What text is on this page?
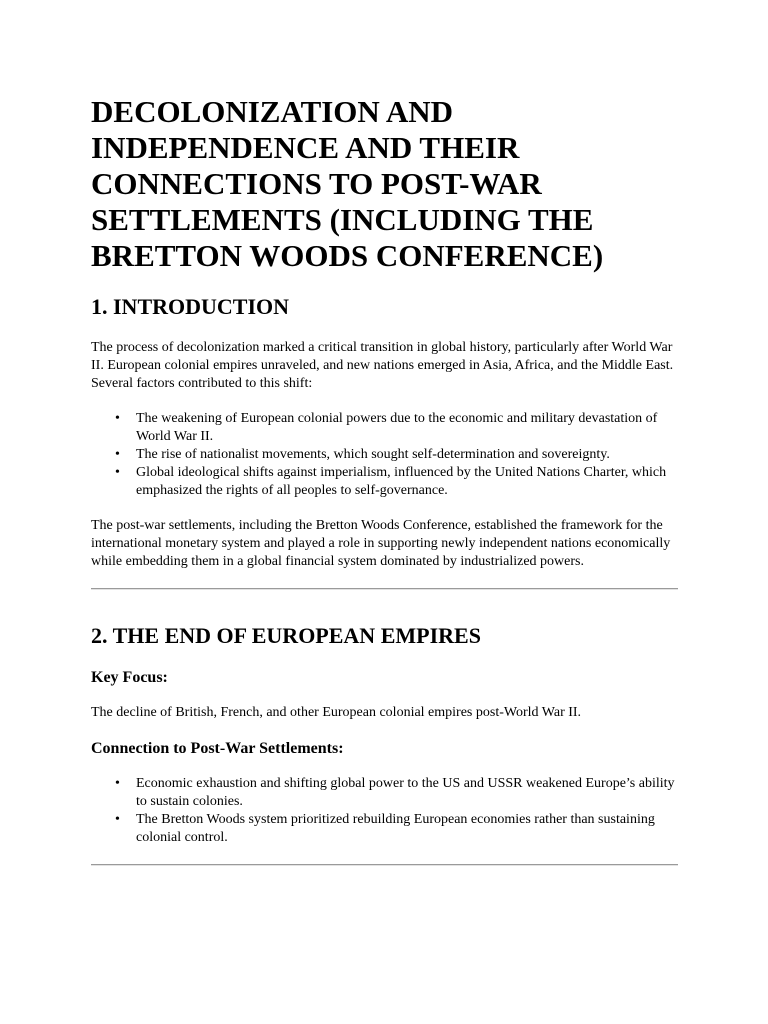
DECOLONIZATION AND INDEPENDENCE AND THEIR CONNECTIONS TO POST-WAR SETTLEMENTS (INCLUDING THE BRETTON WOODS CONFERENCE)
1. INTRODUCTION

The process of decolonization marked a critical transition in global history, particularly after World War II. European colonial empires unraveled, and new nations emerged in Asia, Africa, and the Middle East. Several factors contributed to this shift:

• The weakening of European colonial powers due to the economic and military devastation of World War II.
• The rise of nationalist movements, which sought self-determination and sovereignty.
• Global ideological shifts against imperialism, influenced by the United Nations Charter, which emphasized the rights of all peoples to self-governance.

The post-war settlements, including the Bretton Woods Conference, established the framework for the international monetary system and played a role in supporting newly independent nations economically while embedding them in a global financial system dominated by industrialized powers.

2. THE END OF EUROPEAN EMPIRES
Key Focus:

The decline of British, French, and other European colonial empires post-World War II.

Connection to Post-War Settlements:
• Economic exhaustion and shifting global power to the US and USSR weakened Europe’s ability to sustain colonies.
• The Bretton Woods system prioritized rebuilding European economies rather than sustaining colonial control.
